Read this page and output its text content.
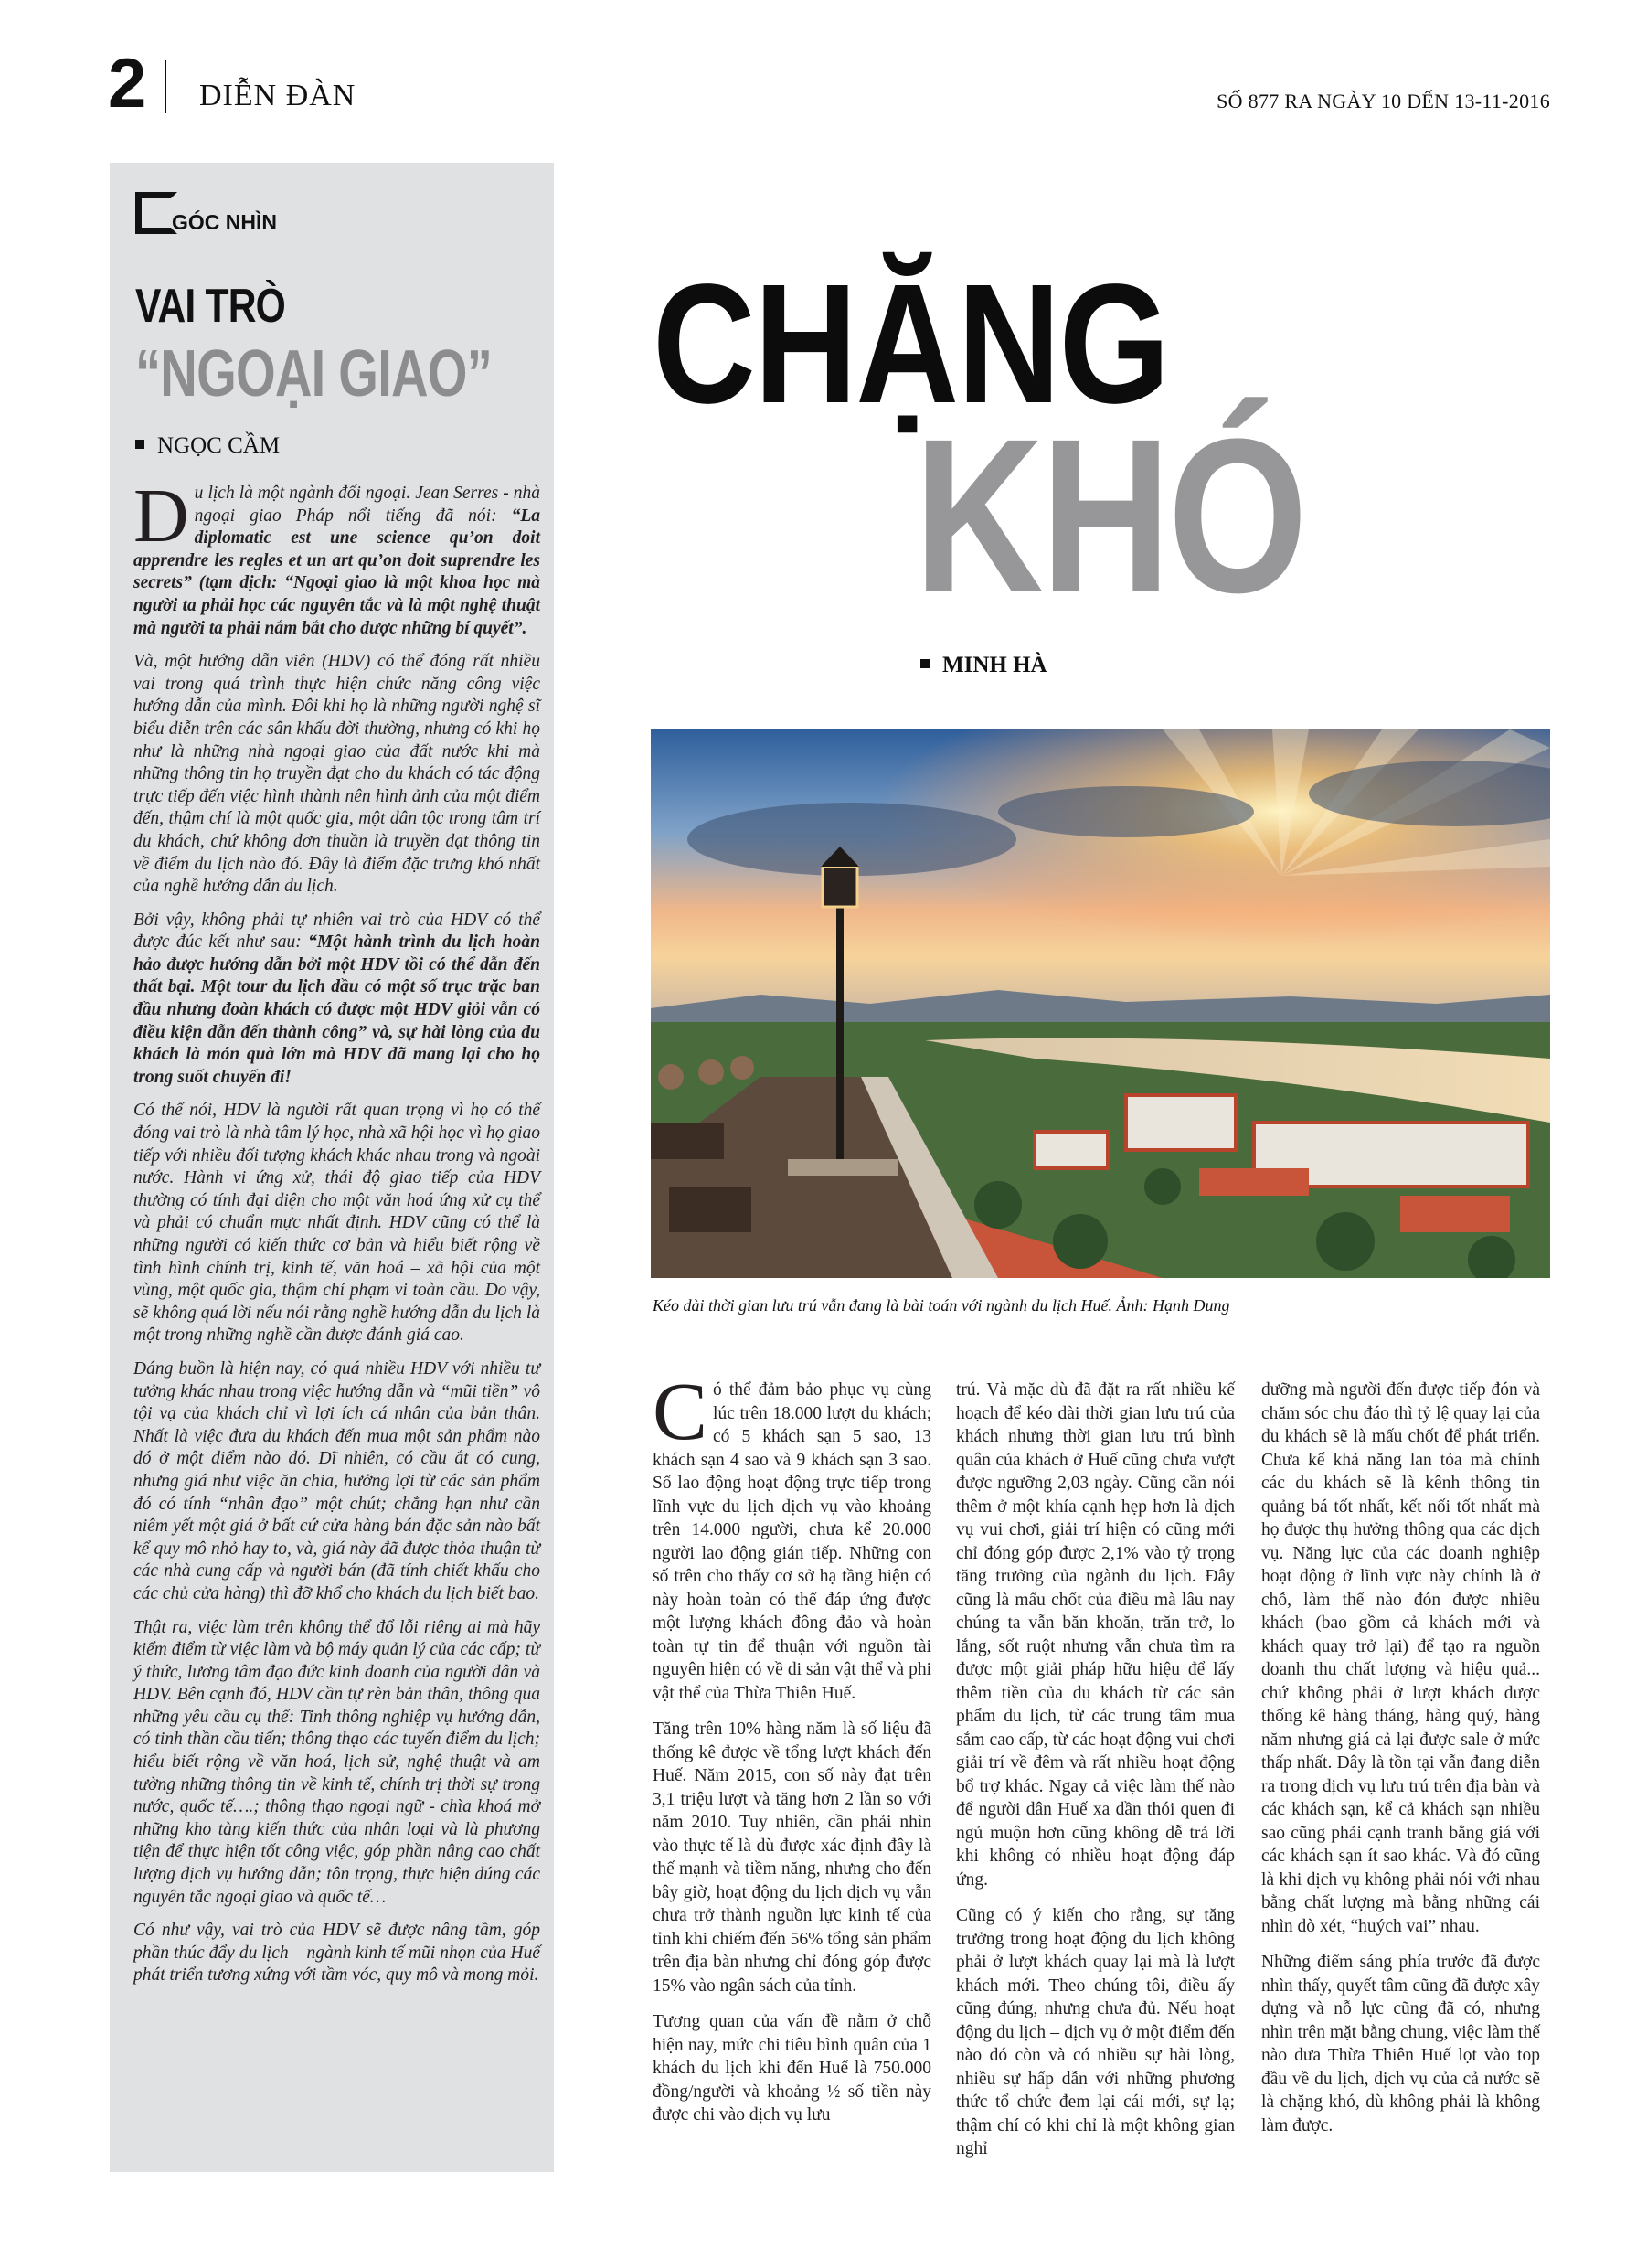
2 DIỄN ĐÀN	SỐ 877 RA NGÀY 10 ĐẾN 13-11-2016
GÓC NHÌN
VAI TRÒ
“NGOẠI GIAO”
NGỌC CẦM

Du lịch là một ngành đối ngoại. Jean Serres - nhà ngoại giao Pháp nổi tiếng đã nói: “La diplomatic est une science qu’on doit apprendre les regles et un art qu’on doit suprendre les secrets” (tạm dịch: “Ngoại giao là một khoa học mà người ta phải học các nguyên tắc và là một nghệ thuật mà người ta phải nắm bắt cho được những bí quyết”.

Và, một hướng dẫn viên (HDV) có thể đóng rất nhiều vai trong quá trình thực hiện chức năng công việc hướng dẫn của mình. Đôi khi họ là những người nghệ sĩ biểu diễn trên các sân khấu đời thường, nhưng có khi họ như là những nhà ngoại giao của đất nước khi mà những thông tin họ truyền đạt cho du khách có tác động trực tiếp đến việc hình thành nên hình ảnh của một điểm đến, thậm chí là một quốc gia, một dân tộc trong tâm trí du khách, chứ không đơn thuần là truyền đạt thông tin về điểm du lịch nào đó. Đây là điểm đặc trưng khó nhất của nghề hướng dẫn du lịch.

Bởi vậy, không phải tự nhiên vai trò của HDV có thể được đúc kết như sau: “Một hành trình du lịch hoàn hảo được hướng dẫn bởi một HDV tồi có thể dẫn đến thất bại. Một tour du lịch dầu có một số trục trặc ban đầu nhưng đoàn khách có được một HDV giỏi vẫn có điều kiện dẫn đến thành công” và, sự hài lòng của du khách là món quà lớn mà HDV đã mang lại cho họ trong suốt chuyến đi!

Có thể nói, HDV là người rất quan trọng vì họ có thể đóng vai trò là nhà tâm lý học, nhà xã hội học vì họ giao tiếp với nhiều đối tượng khách khác nhau trong và ngoài nước. Hành vi ứng xử, thái độ giao tiếp của HDV thường có tính đại diện cho một văn hoá ứng xử cụ thể và phải có chuẩn mực nhất định. HDV cũng có thể là những người có kiến thức cơ bản và hiểu biết rộng về tình hình chính trị, kinh tế, văn hoá – xã hội của một vùng, một quốc gia, thậm chí phạm vi toàn cầu. Do vậy, sẽ không quá lời nếu nói rằng nghề hướng dẫn du lịch là một trong những nghề cần được đánh giá cao.

Đáng buồn là hiện nay, có quá nhiều HDV với nhiều tư tưởng khác nhau trong việc hướng dẫn và “mũi tiền” vô tội vạ của khách chỉ vì lợi ích cá nhân của bản thân. Nhất là việc đưa du khách đến mua một sản phẩm nào đó ở một điểm nào đó. Dĩ nhiên, có cầu ắt có cung, nhưng giá như việc ăn chia, hưởng lợi từ các sản phẩm đó có tính “nhân đạo” một chút; chẳng hạn như cần niêm yết một giá ở bất cứ cửa hàng bán đặc sản nào bất kể quy mô nhỏ hay to, và, giá này đã được thỏa thuận từ các nhà cung cấp và người bán (đã tính chiết khấu cho các chủ cửa hàng) thì đỡ khổ cho khách du lịch biết bao.

Thật ra, việc làm trên không thể đổ lỗi riêng ai mà hãy kiểm điểm từ việc làm và bộ máy quản lý của các cấp; từ ý thức, lương tâm đạo đức kinh doanh của người dân và HDV. Bên cạnh đó, HDV cần tự rèn bản thân, thông qua những yêu cầu cụ thể: Tinh thông nghiệp vụ hướng dẫn, có tinh thần cầu tiến; thông thạo các tuyến điểm du lịch; hiểu biết rộng về văn hoá, lịch sử, nghệ thuật và am tường những thông tin về kinh tế, chính trị thời sự trong nước, quốc tế….; thông thạo ngoại ngữ - chìa khoá mở những kho tàng kiến thức của nhân loại và là phương tiện để thực hiện tốt công việc, góp phần nâng cao chất lượng dịch vụ hướng dẫn; tôn trọng, thực hiện đúng các nguyên tắc ngoại giao và quốc tế…

Có như vậy, vai trò của HDV sẽ được nâng tầm, góp phần thúc đẩy du lịch – ngành kinh tế mũi nhọn của Huế phát triển tương xứng với tầm vóc, quy mô và mong mỏi.

CHẶNG
KHÓ
MINH HÀ
Kéo dài thời gian lưu trú vẫn đang là bài toán với ngành du lịch Huế. Ảnh: Hạnh Dung

Có thể đảm bảo phục vụ cùng lúc trên 18.000 lượt du khách; có 5 khách sạn 5 sao, 13 khách sạn 4 sao và 9 khách sạn 3 sao. Số lao động hoạt động trực tiếp trong lĩnh vực du lịch dịch vụ vào khoảng trên 14.000 người, chưa kể 20.000 người lao động gián tiếp. Những con số trên cho thấy cơ sở hạ tầng hiện có này hoàn toàn có thể đáp ứng được một lượng khách đông đảo và hoàn toàn tự tin để thuận với nguồn tài nguyên hiện có về di sản vật thể và phi vật thể của Thừa Thiên Huế.

Tăng trên 10% hàng năm là số liệu đã thống kê được về tổng lượt khách đến Huế. Năm 2015, con số này đạt trên 3,1 triệu lượt và tăng hơn 2 lần so với năm 2010. Tuy nhiên, cần phải nhìn vào thực tế là dù được xác định đây là thế mạnh và tiềm năng, nhưng cho đến bây giờ, hoạt động du lịch dịch vụ vẫn chưa trở thành nguồn lực kinh tế của tỉnh khi chiếm đến 56% tổng sản phẩm trên địa bàn nhưng chỉ đóng góp được 15% vào ngân sách của tỉnh.

Tương quan của vấn đề nằm ở chỗ hiện nay, mức chi tiêu bình quân của 1 khách du lịch khi đến Huế là 750.000 đồng/người và khoảng ½ số tiền này được chi vào dịch vụ lưu

trú. Và mặc dù đã đặt ra rất nhiều kế hoạch để kéo dài thời gian lưu trú của khách nhưng thời gian lưu trú bình quân của khách ở Huế cũng chưa vượt được ngưỡng 2,03 ngày. Cũng cần nói thêm ở một khía cạnh hẹp hơn là dịch vụ vui chơi, giải trí hiện có cũng mới chỉ đóng góp được 2,1% vào tỷ trọng tăng trưởng của ngành du lịch. Đây cũng là mấu chốt của điều mà lâu nay chúng ta vẫn băn khoăn, trăn trở, lo lắng, sốt ruột nhưng vẫn chưa tìm ra được một giải pháp hữu hiệu để lấy thêm tiền của du khách từ các sản phẩm du lịch, từ các trung tâm mua sắm cao cấp, từ các hoạt động vui chơi giải trí về đêm và rất nhiều hoạt động bổ trợ khác. Ngay cả việc làm thế nào để người dân Huế xa dần thói quen đi ngủ muộn hơn cũng không dễ trả lời khi không có nhiều hoạt động đáp ứng.

Cũng có ý kiến cho rằng, sự tăng trưởng trong hoạt động du lịch không phải ở lượt khách quay lại mà là lượt khách mới. Theo chúng tôi, điều ấy cũng đúng, nhưng chưa đủ. Nếu hoạt động du lịch – dịch vụ ở một điểm đến nào đó còn và có nhiều sự hài lòng, nhiều sự hấp dẫn với những phương thức tổ chức đem lại cái mới, sự lạ; thậm chí có khi chỉ là một không gian nghỉ

dưỡng mà người đến được tiếp đón và chăm sóc chu đáo thì tỷ lệ quay lại của du khách sẽ là mấu chốt để phát triển. Chưa kể khả năng lan tỏa mà chính các du khách sẽ là kênh thông tin quảng bá tốt nhất, kết nối tốt nhất mà họ được thụ hưởng thông qua các dịch vụ. Năng lực của các doanh nghiệp hoạt động ở lĩnh vực này chính là ở chỗ, làm thế nào đón được nhiều khách (bao gồm cả khách mới và khách quay trở lại) để tạo ra nguồn doanh thu chất lượng và hiệu quả... chứ không phải ở lượt khách được thống kê hàng tháng, hàng quý, hàng năm nhưng giá cả lại được sale ở mức thấp nhất. Đây là tồn tại vẫn đang diễn ra trong dịch vụ lưu trú trên địa bàn và các khách sạn, kể cả khách sạn nhiều sao cũng phải cạnh tranh bằng giá với các khách sạn ít sao khác. Và đó cũng là khi dịch vụ không phải nói với nhau bằng chất lượng mà bằng những cái nhìn dò xét, “huých vai” nhau.

Những điểm sáng phía trước đã được nhìn thấy, quyết tâm cũng đã được xây dựng và nỗ lực cũng đã có, nhưng nhìn trên mặt bằng chung, việc làm thế nào đưa Thừa Thiên Huế lọt vào top đầu về du lịch, dịch vụ của cả nước sẽ là chặng khó, dù không phải là không làm được.
